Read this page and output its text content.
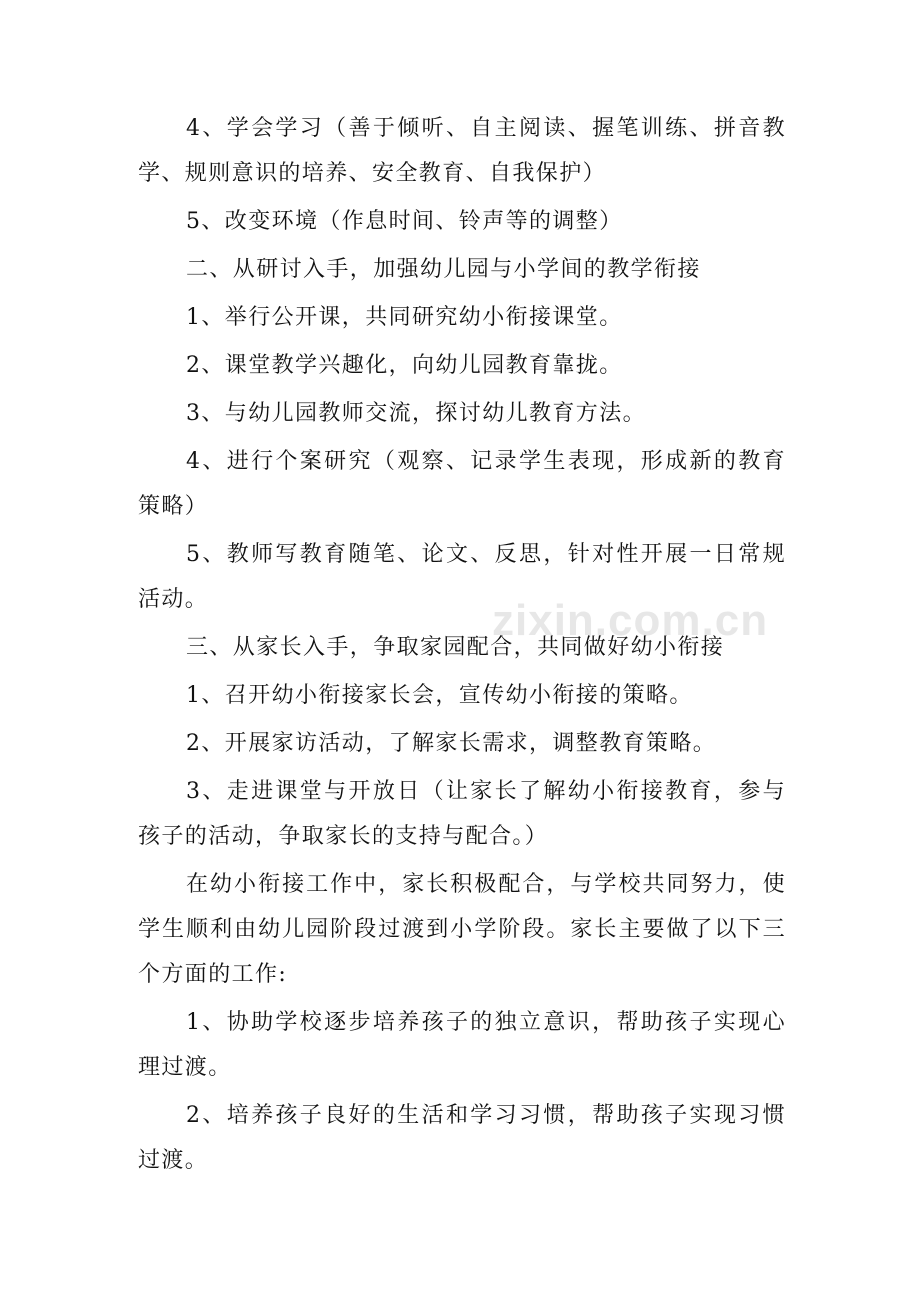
4、学会学习（善于倾听、自主阅读、握笔训练、拼音教学、规则意识的培养、安全教育、自我保护）

5、改变环境（作息时间、铃声等的调整）

二、从研讨入手，加强幼儿园与小学间的教学衔接

1、举行公开课，共同研究幼小衔接课堂。

2、课堂教学兴趣化，向幼儿园教育靠拢。

3、与幼儿园教师交流，探讨幼儿教育方法。

4、进行个案研究（观察、记录学生表现，形成新的教育策略）

5、教师写教育随笔、论文、反思，针对性开展一日常规活动。

三、从家长入手，争取家园配合，共同做好幼小衔接

1、召开幼小衔接家长会，宣传幼小衔接的策略。

2、开展家访活动，了解家长需求，调整教育策略。

3、走进课堂与开放日（让家长了解幼小衔接教育，参与孩子的活动，争取家长的支持与配合。）

在幼小衔接工作中，家长积极配合，与学校共同努力，使学生顺利由幼儿园阶段过渡到小学阶段。家长主要做了以下三个方面的工作:

1、协助学校逐步培养孩子的独立意识，帮助孩子实现心理过渡。

2、培养孩子良好的生活和学习习惯，帮助孩子实现习惯过渡。

zixin.com.cn
